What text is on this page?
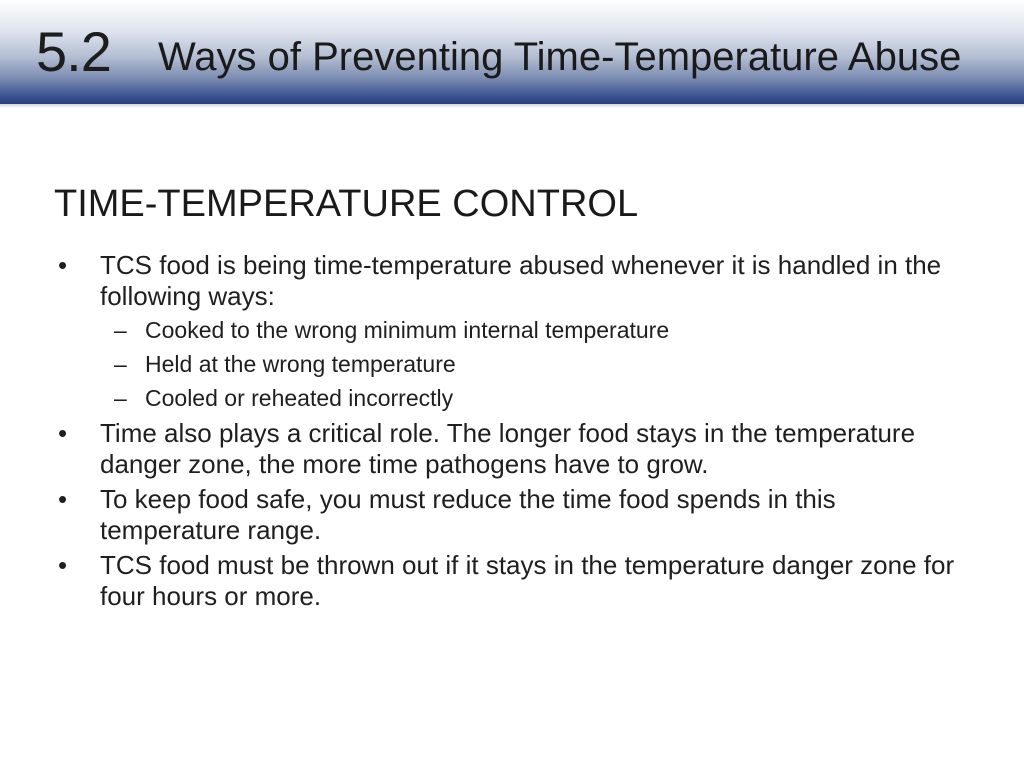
5.2 Ways of Preventing Time-Temperature Abuse
TIME-TEMPERATURE CONTROL
• TCS food is being time-temperature abused whenever it is handled in the following ways:
– Cooked to the wrong minimum internal temperature
– Held at the wrong temperature
– Cooled or reheated incorrectly
• Time also plays a critical role. The longer food stays in the temperature danger zone, the more time pathogens have to grow.
• To keep food safe, you must reduce the time food spends in this temperature range.
• TCS food must be thrown out if it stays in the temperature danger zone for four hours or more.
